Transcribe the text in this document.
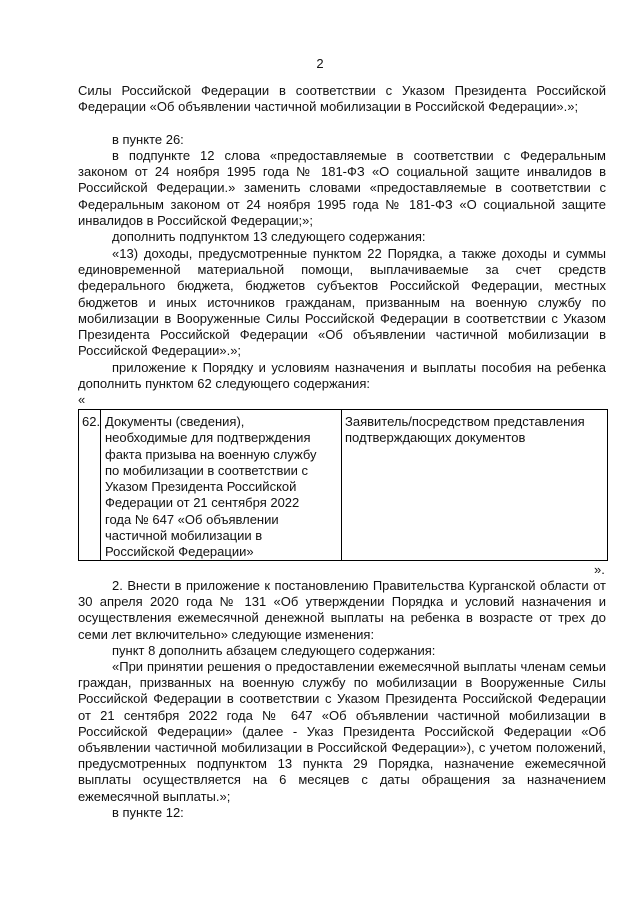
2

Силы Российской Федерации в соответствии с Указом Президента Российской Федерации «Об объявлении частичной мобилизации в Российской Федерации».»;

в пункте 26:

в подпункте 12 слова «предоставляемые в соответствии с Федеральным законом от 24 ноября 1995 года № 181-ФЗ «О социальной защите инвалидов в Российской Федерации.» заменить словами «предоставляемые в соответствии с Федеральным законом от 24 ноября 1995 года № 181-ФЗ «О социальной защите инвалидов в Российской Федерации;»;

дополнить подпунктом 13 следующего содержания:

«13) доходы, предусмотренные пунктом 22 Порядка, а также доходы и суммы единовременной материальной помощи, выплачиваемые за счет средств федерального бюджета, бюджетов субъектов Российской Федерации, местных бюджетов и иных источников гражданам, призванным на военную службу по мобилизации в Вооруженные Силы Российской Федерации в соответствии с Указом Президента Российской Федерации «Об объявлении частичной мобилизации в Российской Федерации».»;

приложение к Порядку и условиям назначения и выплаты пособия на ребенка дополнить пунктом 62 следующего содержания:

«

62. Документы (сведения),
необходимые для подтверждения
факта призыва на военную службу
по мобилизации в соответствии с
Указом Президента Российской
Федерации от 21 сентября 2022
года № 647 «Об объявлении
частичной мобилизации в
Российской Федерации»
Заявитель/посредством представления
подтверждающих документов
».

2. Внести в приложение к постановлению Правительства Курганской области от 30 апреля 2020 года № 131 «Об утверждении Порядка и условий назначения и осуществления ежемесячной денежной выплаты на ребенка в возрасте от трех до семи лет включительно» следующие изменения:

пункт 8 дополнить абзацем следующего содержания:

«При принятии решения о предоставлении ежемесячной выплаты членам семьи граждан, призванных на военную службу по мобилизации в Вооруженные Силы Российской Федерации в соответствии с Указом Президента Российской Федерации от 21 сентября 2022 года № 647 «Об объявлении частичной мобилизации в Российской Федерации» (далее - Указ Президента Российской Федерации «Об объявлении частичной мобилизации в Российской Федерации»), с учетом положений, предусмотренных подпунктом 13 пункта 29 Порядка, назначение ежемесячной выплаты осуществляется на 6 месяцев с даты обращения за назначением ежемесячной выплаты.»;

в пункте 12:
